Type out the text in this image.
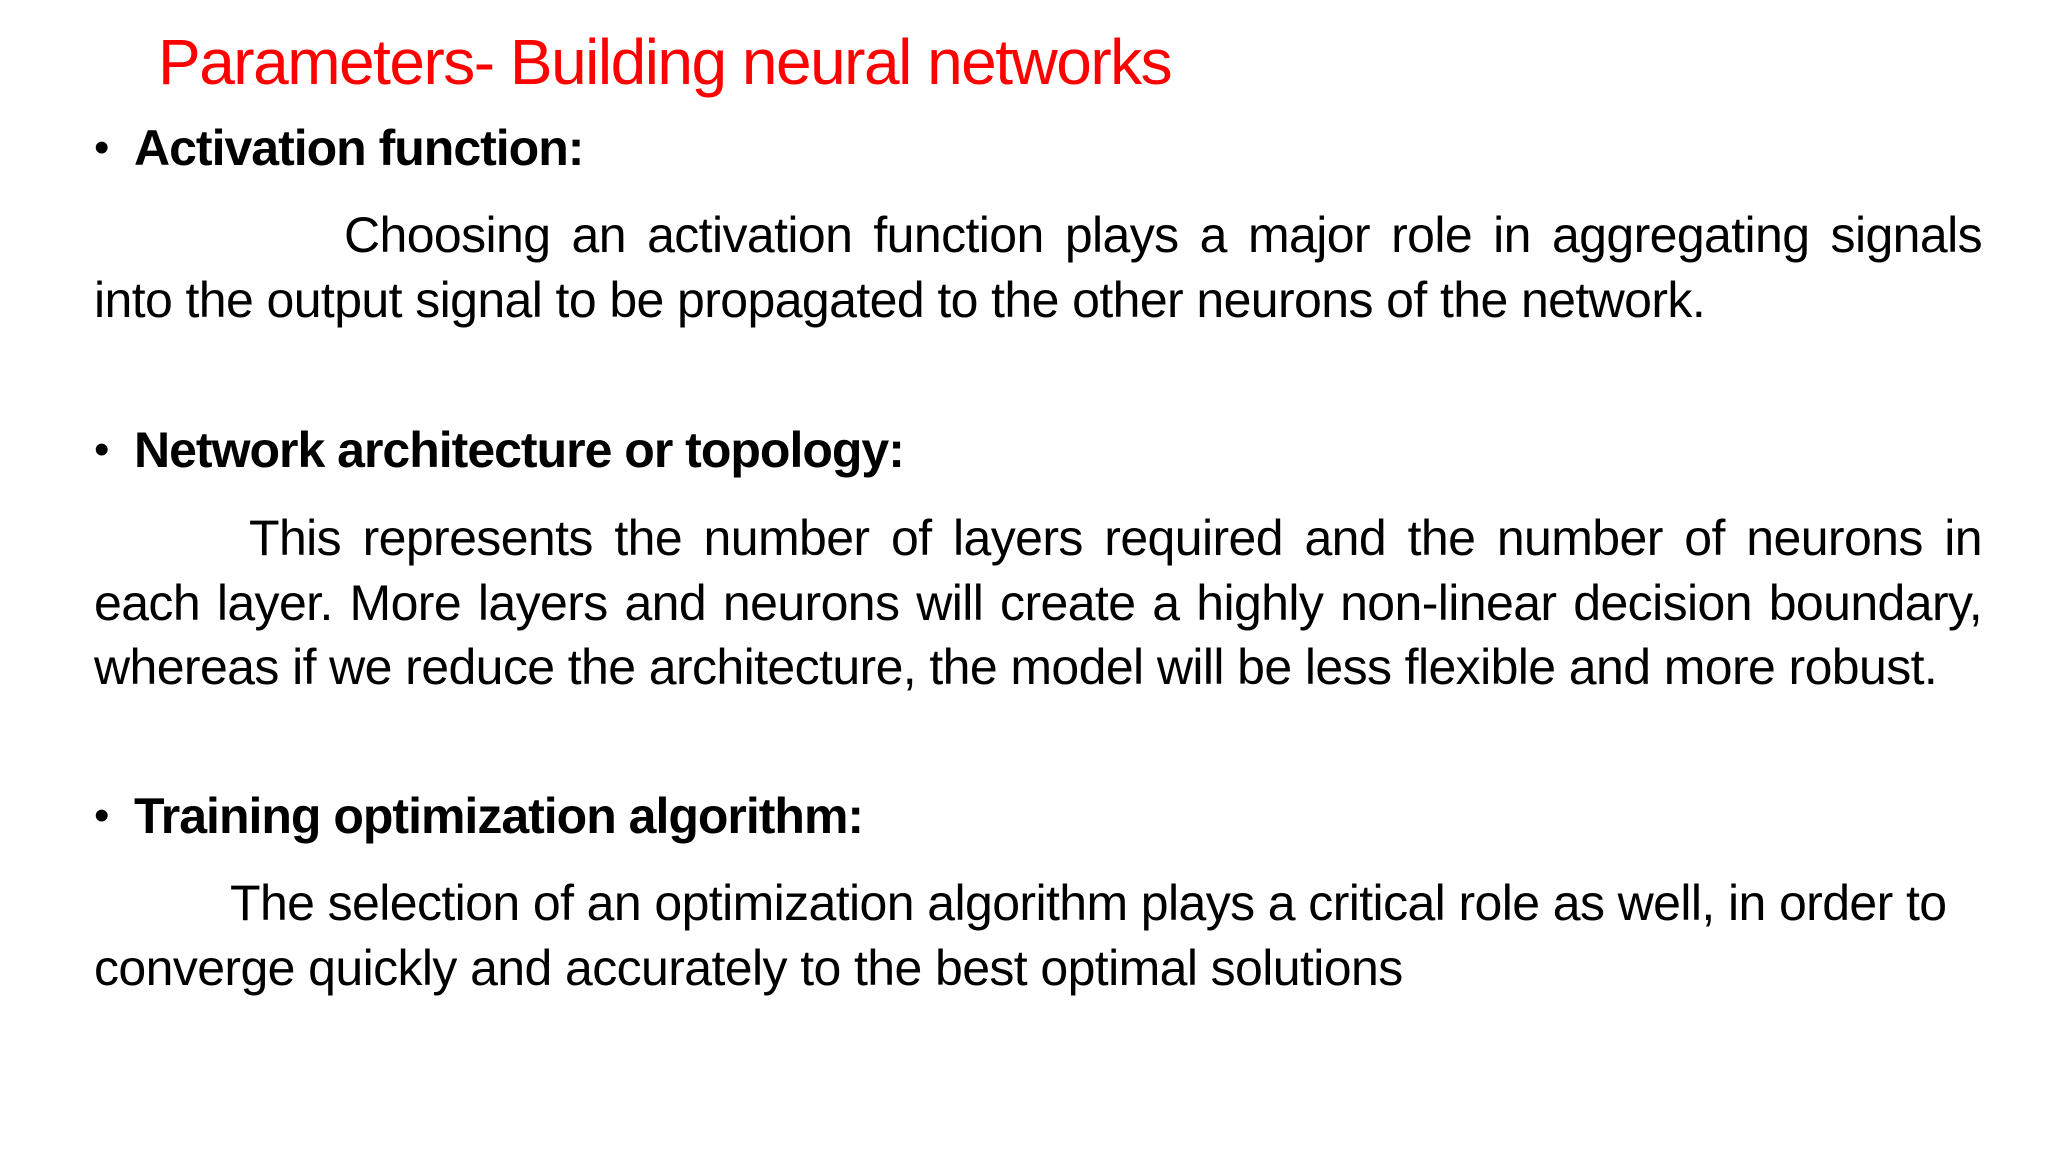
Parameters- Building neural networks
• Activation function:
Choosing an activation function plays a major role in aggregating signals into the output signal to be propagated to the other neurons of the network.
• Network architecture or topology:
This represents the number of layers required and the number of neurons in each layer. More layers and neurons will create a highly non-linear decision boundary, whereas if we reduce the architecture, the model will be less flexible and more robust.
• Training optimization algorithm:
The selection of an optimization algorithm plays a critical role as well, in order to converge quickly and accurately to the best optimal solutions
